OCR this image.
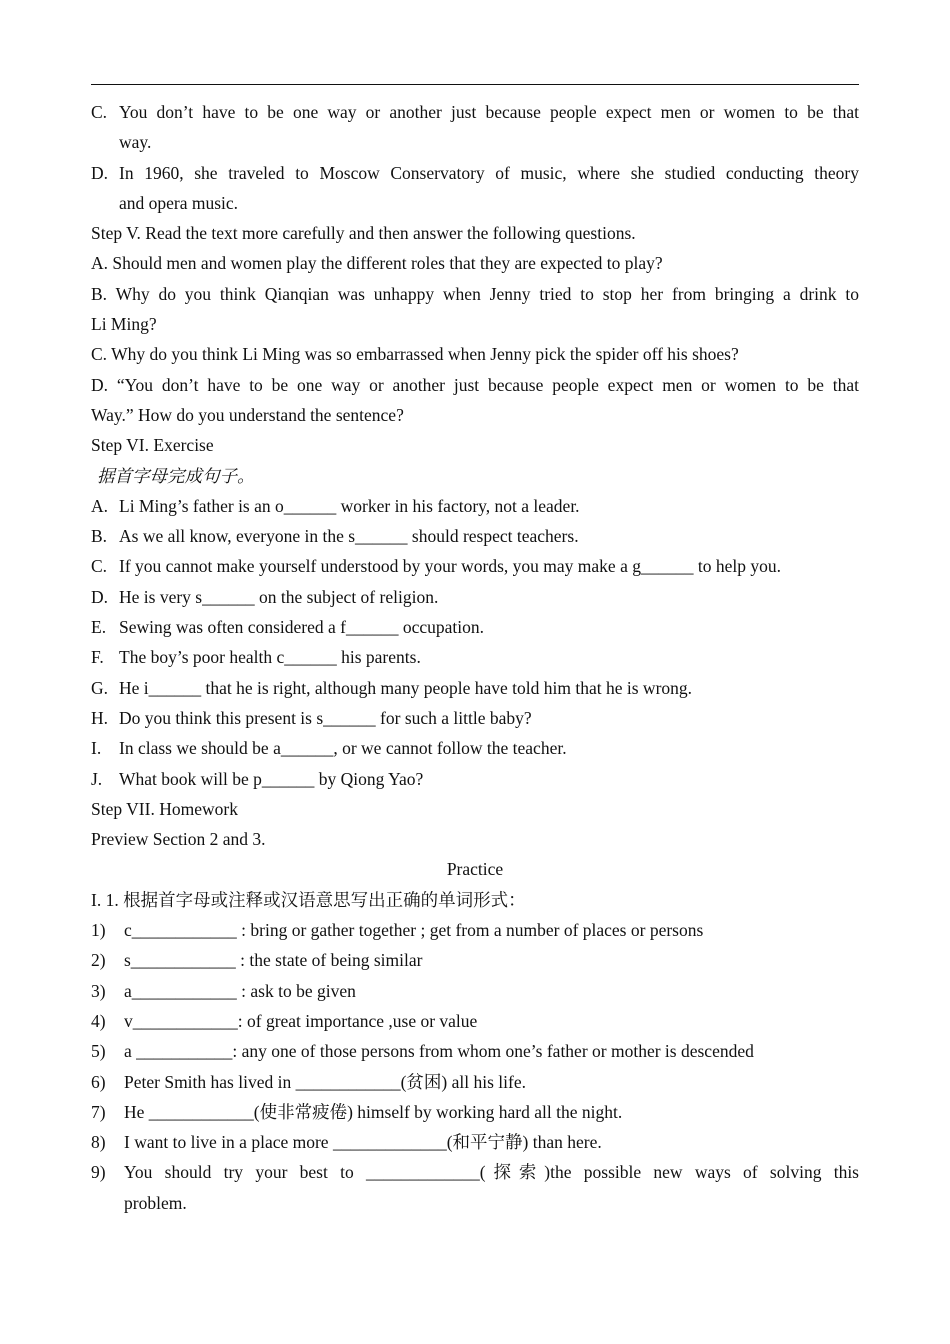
C. You don’t have to be one way or another just because people expect men or women to be that
way.
D. In 1960, she traveled to Moscow Conservatory of music, where she studied conducting theory
and opera music.
Step V. Read the text more carefully and then answer the following questions.
A. Should men and women play the different roles that they are expected to play?
B. Why do you think Qianqian was unhappy when Jenny tried to stop her from bringing a drink to
Li Ming?
C. Why do you think Li Ming was so embarrassed when Jenny pick the spider off his shoes?
D. “You don’t have to be one way or another just because people expect men or women to be that
Way.” How do you understand the sentence?
Step VI. Exercise
据首字母完成句子。
A. Li Ming’s father is an o______ worker in his factory, not a leader.
B. As we all know, everyone in the s______ should respect teachers.
C. If you cannot make yourself understood by your words, you may make a g______ to help you.
D. He is very s______ on the subject of religion.
E. Sewing was often considered a f______ occupation.
F. The boy’s poor health c______ his parents.
G. He i______ that he is right, although many people have told him that he is wrong.
H. Do you think this present is s______ for such a little baby?
I. In class we should be a______, or we cannot follow the teacher.
J. What book will be p______ by Qiong Yao?
Step VII. Homework
Preview Section 2 and 3.
Practice
I. 1. 根据首字母或注释或汉语意思写出正确的单词形式：
1) c____________ : bring or gather together ; get from a number of places or persons
2) s____________ : the state of being similar
3) a____________ : ask to be given
4) v____________: of great importance ,use or value
5) a ___________: any one of those persons from whom one’s father or mother is descended
6) Peter Smith has lived in ____________(贫困) all his life.
7) He ____________(使非常疲倦) himself by working hard all the night.
8) I want to live in a place more _____________(和平宁静) than here.
9) You should try your best to _____________(探索)the possible new ways of solving this
problem.
